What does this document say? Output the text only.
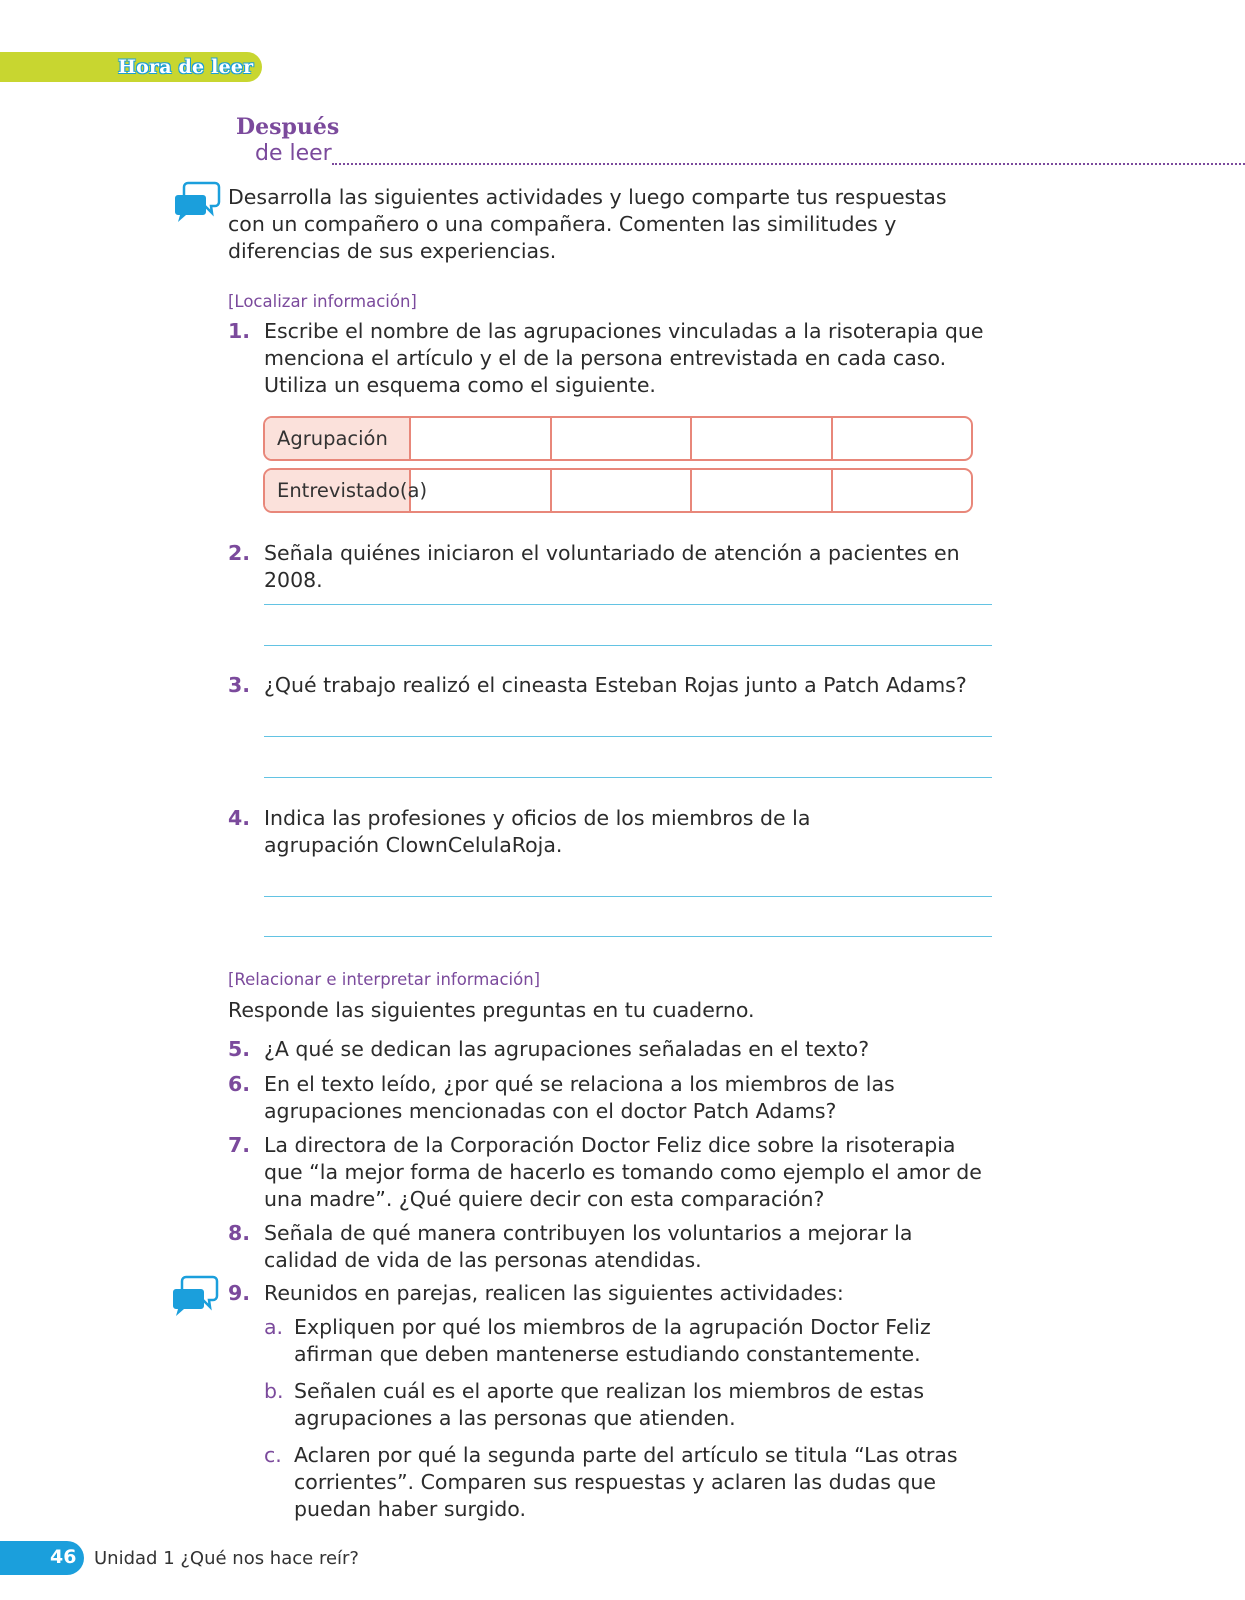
Hora de leer
Después
de leer
Desarrolla las siguientes actividades y luego comparte tus respuestas con un compañero o una compañera. Comenten las similitudes y diferencias de sus experiencias.
[Localizar información]
1. Escribe el nombre de las agrupaciones vinculadas a la risoterapia que menciona el artículo y el de la persona entrevistada en cada caso. Utiliza un esquema como el siguiente.
Agrupación
Entrevistado(a)
2. Señala quiénes iniciaron el voluntariado de atención a pacientes en 2008.
3. ¿Qué trabajo realizó el cineasta Esteban Rojas junto a Patch Adams?
4. Indica las profesiones y oficios de los miembros de la agrupación ClownCelulaRoja.
[Relacionar e interpretar información]
Responde las siguientes preguntas en tu cuaderno.
5. ¿A qué se dedican las agrupaciones señaladas en el texto?
6. En el texto leído, ¿por qué se relaciona a los miembros de las agrupaciones mencionadas con el doctor Patch Adams?
7. La directora de la Corporación Doctor Feliz dice sobre la risoterapia que “la mejor forma de hacerlo es tomando como ejemplo el amor de una madre”. ¿Qué quiere decir con esta comparación?
8. Señala de qué manera contribuyen los voluntarios a mejorar la calidad de vida de las personas atendidas.
9. Reunidos en parejas, realicen las siguientes actividades:
a. Expliquen por qué los miembros de la agrupación Doctor Feliz afirman que deben mantenerse estudiando constantemente.
b. Señalen cuál es el aporte que realizan los miembros de estas agrupaciones a las personas que atienden.
c. Aclaren por qué la segunda parte del artículo se titula “Las otras corrientes”. Comparen sus respuestas y aclaren las dudas que puedan haber surgido.
46 Unidad 1 ¿Qué nos hace reír?
